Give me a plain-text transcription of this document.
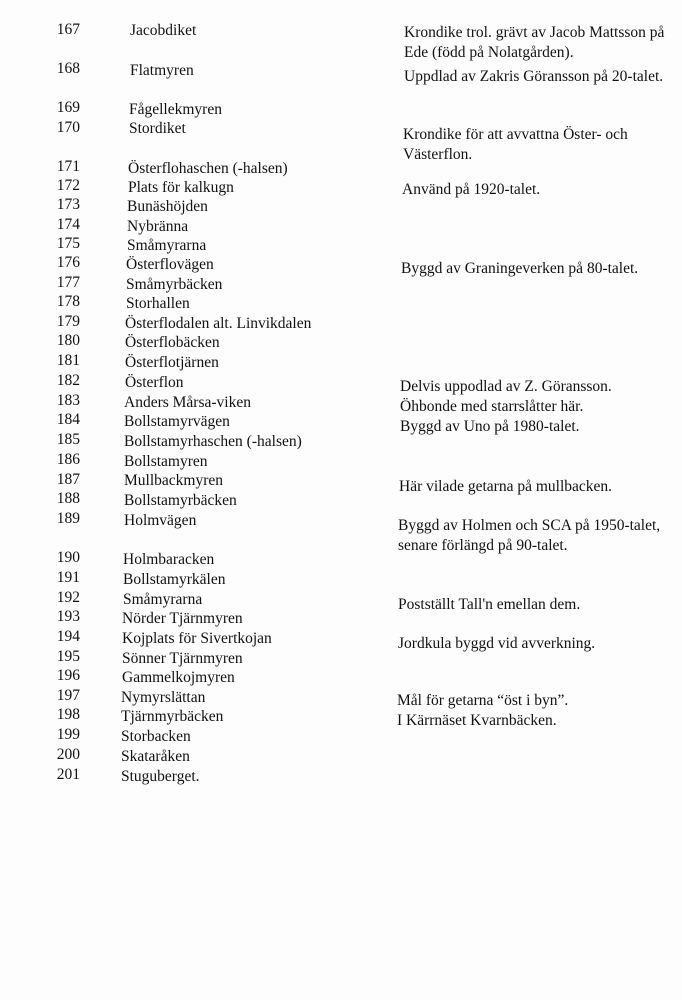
167
168
169
170
171
172
173
174
175
176
177
178
179
180
181
182
183
184
185
186
187
188
189
190
191
192
193
194
195
196
197
198
199
200
201
Jacobdiket
Flatmyren
Fågellekmyren
Stordiket
Österflohaschen (-halsen)
Plats för kalkugn
Bunäshöjden
Nybränna
Småmyrarna
Österflovägen
Småmyrbäcken
Storhallen
Österflodalen alt. Linvikdalen
Österflobäcken
Österflotjärnen
Österflon
Anders Mårsa-viken
Bollstamyrvägen
Bollstamyrhaschen (-halsen)
Bollstamyren
Mullbackmyren
Bollstamyrbäcken
Holmvägen
Holmbaracken
Bollstamyrkälen
Småmyrarna
Nörder Tjärnmyren
Kojplats för Sivertkojan
Sönner Tjärnmyren
Gammelkojmyren
Nymyrslättan
Tjärnmyrbäcken
Storbacken
Skataråken
Stuguberget.
Krondike trol. grävt av Jacob Mattsson på Ede (född på Nolatgården).
Uppdlad av Zakris Göransson på 20-talet.
Krondike för att avvattna Öster- och Västerflon.
Använd på 1920-talet.
Byggd av Graningeverken på 80-talet.
Delvis uppodlad av Z. Göransson.
Öhbonde med starrslåtter här.
Byggd av Uno på 1980-talet.
Här vilade getarna på mullbacken.
Byggd av Holmen och SCA på 1950-talet, senare förlängd på 90-talet.
Postställt Tall'n emellan dem.
Jordkula byggd vid avverkning.
Mål för getarna “öst i byn”.
I Kärrnäset Kvarnbäcken.
